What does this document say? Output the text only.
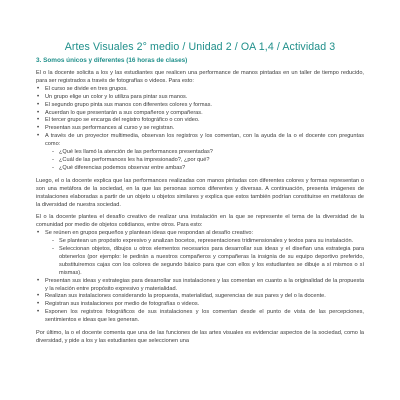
Artes Visuales 2° medio / Unidad 2 / OA 1,4 / Actividad 3
3. Somos únicos y diferentes (16 horas de clases)

El o la docente solicita a los y las estudiantes que realicen una performance de manos pintadas en un taller de tiempo reducido, para ser registrados a través de fotografías o videos. Para esto:

• El curso se divide en tres grupos.
• Un grupo elige un color y lo utiliza para pintar sus manos.
• El segundo grupo pinta sus manos con diferentes colores y formas.
• Acuerdan lo que presentarán a sus compañeros y compañeras.
• El tercer grupo se encarga del registro fotográfico o con video.
• Presentan sus performances al curso y se registran.
• A través de un proyector multimedia, observan los registros y los comentan, con la ayuda de la o el docente con preguntas como:
- ¿Qué les llamó la atención de las performances presentadas?
- ¿Cuál de las performances les ha impresionado?, ¿por qué?
- ¿Qué diferencias podemos observar entre ambas?

Luego, el o la docente explica que las performances realizadas con manos pintadas con diferentes colores y formas representan o son una metáfora de la sociedad, en la que las personas somos diferentes y diversas. A continuación, presenta imágenes de instalaciones elaboradas a partir de un objeto u objetos similares y explica que estos también podrían constituirse en metáforas de la diversidad de nuestra sociedad.

El o la docente plantea el desafío creativo de realizar una instalación en la que se represente el tema de la diversidad de la comunidad por medio de objetos cotidianos, entre otros. Para esto:

• Se reúnen en grupos pequeños y plantean ideas que respondan al desafío creativo:
- Se plantean un propósito expresivo y analizan bocetos, representaciones tridimensionales y textos para su instalación.
- Seleccionan objetos, dibujos u otros elementos necesarios para desarrollar sus ideas y el diseñan una estrategia para obtenerlos (por ejemplo: le pedirán a nuestros compañeros y compañeras la insignia de su equipo deportivo preferido, substituiremos cajas con los colores de segundo básico para que con ellos y los estudiantes se dibuje a sí mismos o sí mismas).
• Presentan sus ideas y estrategias para desarrollar sus instalaciones y las comentan en cuanto a la originalidad de la propuesta y la relación entre propósito expresivo y materialidad.
• Realizan sus instalaciones considerando la propuesta, materialidad, sugerencias de sus pares y del o la docente.
• Registran sus instalaciones por medio de fotografías o videos.
• Exponen los registros fotográficos de sus instalaciones y los comentan desde el punto de vista de las percepciones, sentimientos e ideas que les generan.

Por último, la o el docente comenta que una de las funciones de las artes visuales es evidenciar aspectos de la sociedad, como la diversidad, y pide a los y las estudiantes que seleccionen una
